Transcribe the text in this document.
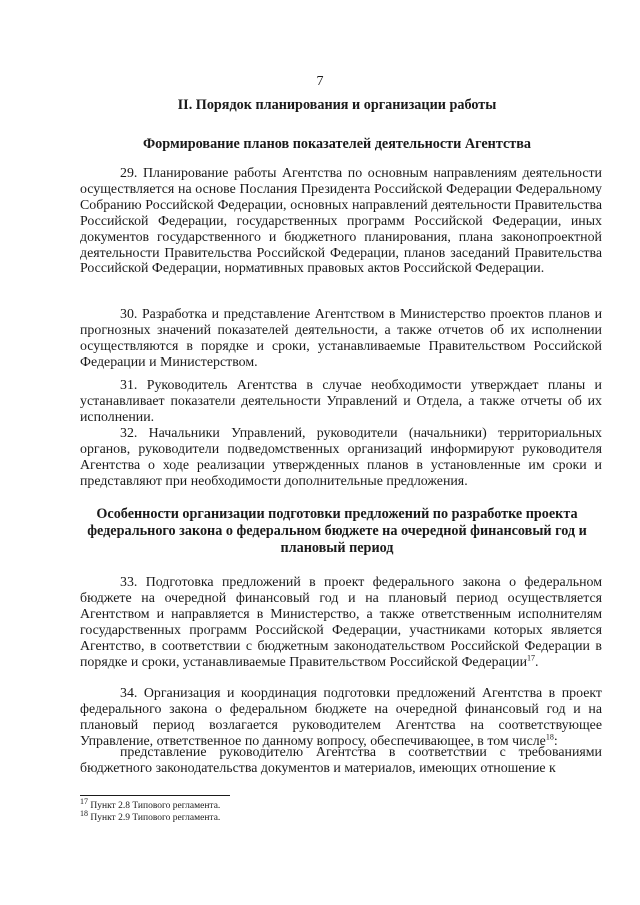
7
II. Порядок планирования и организации работы
Формирование планов показателей деятельности Агентства

29. Планирование работы Агентства по основным направлениям деятельности осуществляется на основе Послания Президента Российской Федерации Федеральному Собранию Российской Федерации, основных направлений деятельности Правительства Российской Федерации, государственных программ Российской Федерации, иных документов государственного и бюджетного планирования, плана законопроектной деятельности Правительства Российской Федерации, планов заседаний Правительства Российской Федерации, нормативных правовых актов Российской Федерации.

30. Разработка и представление Агентством в Министерство проектов планов и прогнозных значений показателей деятельности, а также отчетов об их исполнении осуществляются в порядке и сроки, устанавливаемые Правительством Российской Федерации и Министерством.

31. Руководитель Агентства в случае необходимости утверждает планы и устанавливает показатели деятельности Управлений и Отдела, а также отчеты об их исполнении.

32. Начальники Управлений, руководители (начальники) территориальных органов, руководители подведомственных организаций информируют руководителя Агентства о ходе реализации утвержденных планов в установленные им сроки и представляют при необходимости дополнительные предложения.

Особенности организации подготовки предложений по разработке проекта федерального закона о федеральном бюджете на очередной финансовый год и плановый период

33. Подготовка предложений в проект федерального закона о федеральном бюджете на очередной финансовый год и на плановый период осуществляется Агентством и направляется в Министерство, а также ответственным исполнителям государственных программ Российской Федерации, участниками которых является Агентство, в соответствии с бюджетным законодательством Российской Федерации в порядке и сроки, устанавливаемые Правительством Российской Федерации$^{17}$.

34. Организация и координация подготовки предложений Агентства в проект федерального закона о федеральном бюджете на очередной финансовый год и на плановый период возлагается руководителем Агентства на соответствующее Управление, ответственное по данному вопросу, обеспечивающее, в том числе$^{18}$:

представление руководителю Агентства в соответствии с требованиями бюджетного законодательства документов и материалов, имеющих отношение к

$^{17}$ Пункт 2.8 Типового регламента.
$^{18}$ Пункт 2.9 Типового регламента.
